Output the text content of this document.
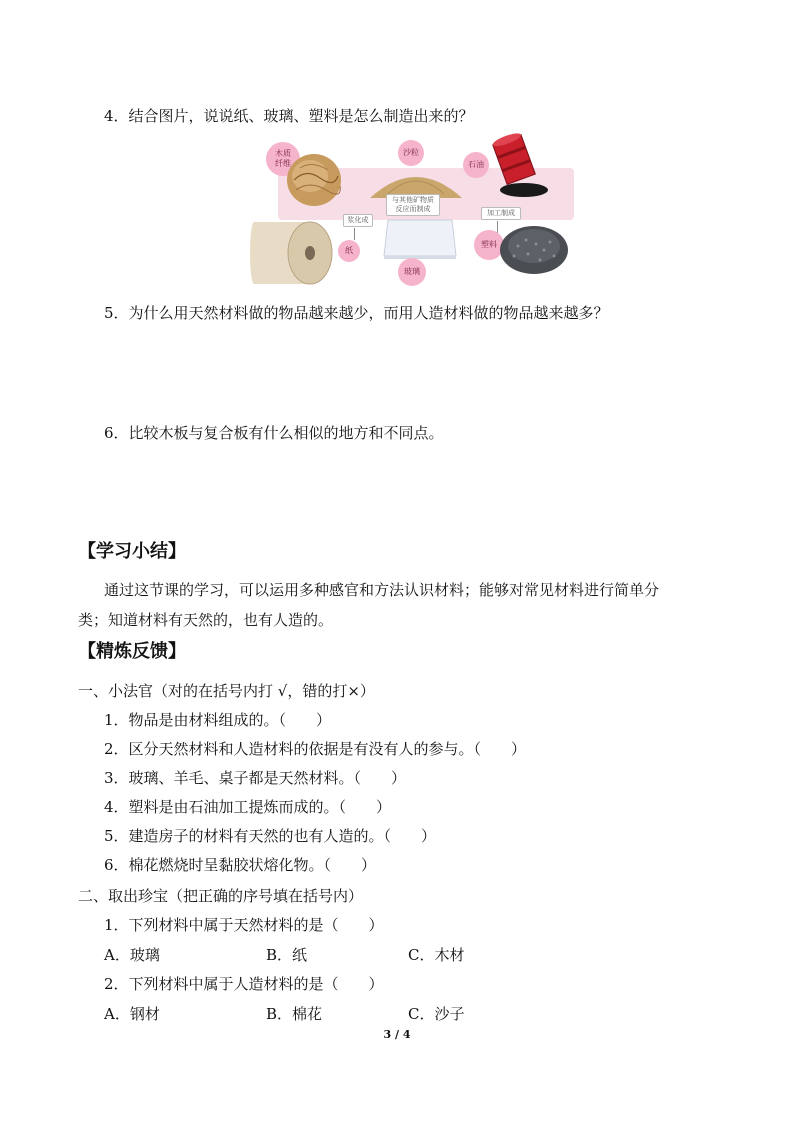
4．结合图片，说说纸、玻璃、塑料是怎么制造出来的？
木质纤维
浆化成
纸
沙粒
与其他矿物质反应而制成
玻璃
石油
加工制成
塑料
5．为什么用天然材料做的物品越来越少，而用人造材料做的物品越来越多？
6．比较木板与复合板有什么相似的地方和不同点。
【学习小结】
通过这节课的学习，可以运用多种感官和方法认识材料；能够对常见材料进行简单分
类；知道材料有天然的，也有人造的。
【精炼反馈】
一、小法官（对的在括号内打 √，错的打×）
1．物品是由材料组成的。（　　）
2．区分天然材料和人造材料的依据是有没有人的参与。（　　）
3．玻璃、羊毛、桌子都是天然材料。（　　）
4．塑料是由石油加工提炼而成的。（　　）
5．建造房子的材料有天然的也有人造的。（　　）
6．棉花燃烧时呈黏胶状熔化物。（　　）
二、取出珍宝（把正确的序号填在括号内）
1．下列材料中属于天然材料的是（　　）
A．玻璃	B．纸	C．木材
2．下列材料中属于人造材料的是（　　）
A．钢材	B．棉花	C．沙子
3 / 4
